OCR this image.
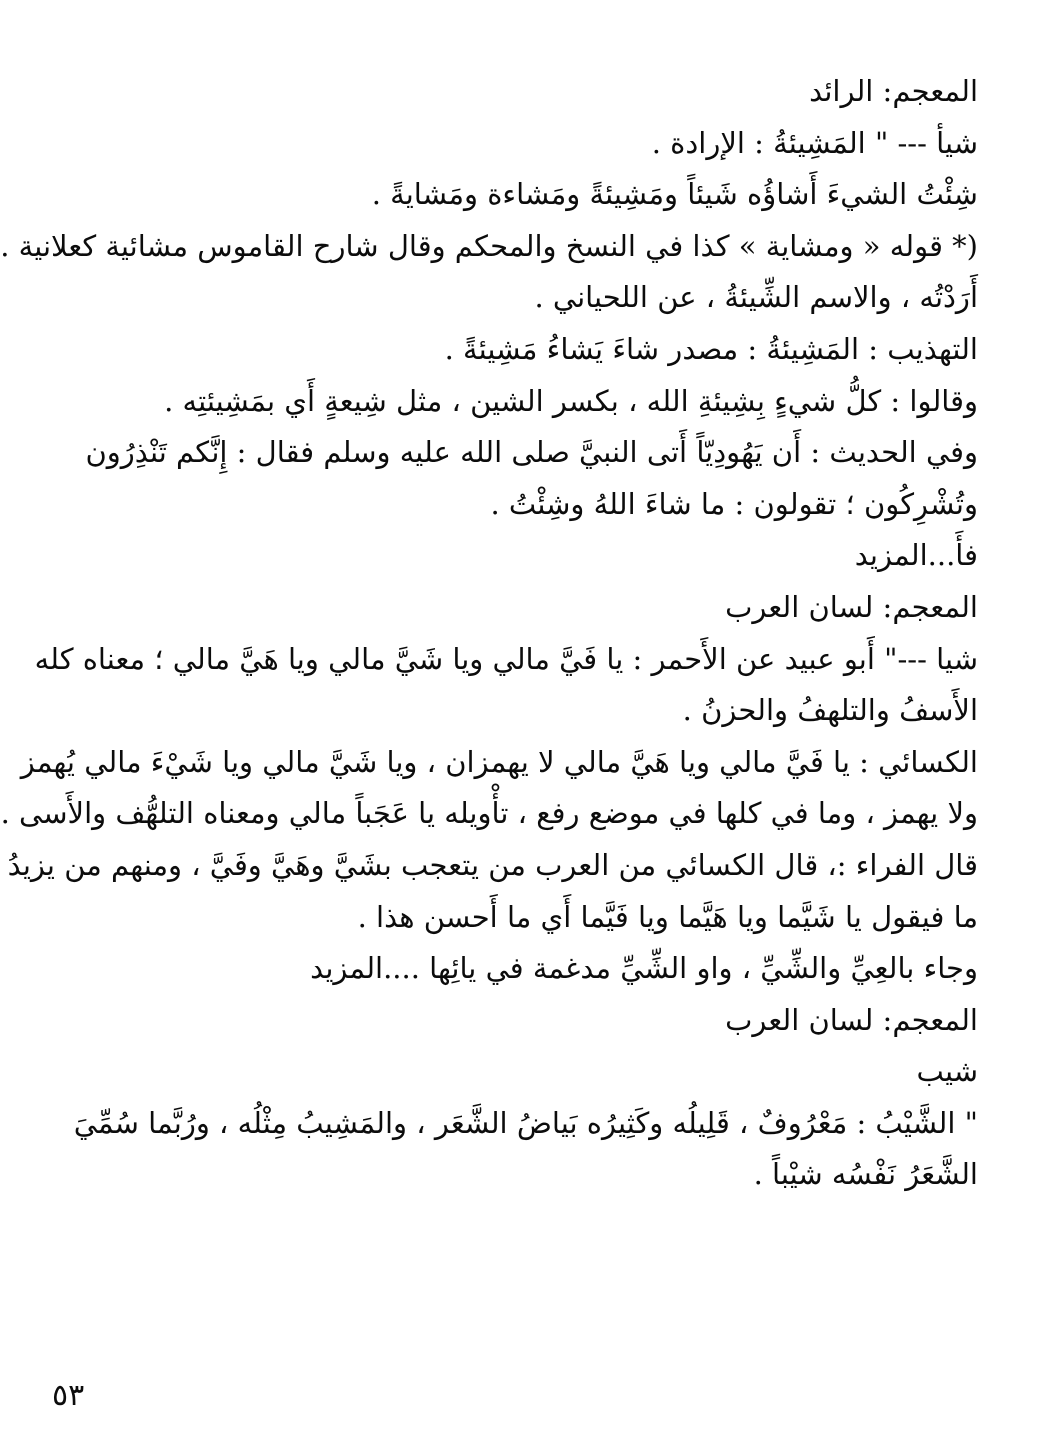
المعجم: الرائد
شيأ --- " المَشِيئةُ : الإرادة .
شِئْتُ الشيءَ أَشاؤُه شَيئاً ومَشِيئةً ومَشاءة ومَشايةً .
(* قوله « ومشاية » كذا في النسخ والمحكم وقال شارح القاموس مشائية كعلانية .
أَرَدْتُه ، والاسم الشِّيئةُ ، عن اللحياني .
التهذيب : المَشِيئةُ : مصدر شاءَ يَشاءُ مَشِيئةً .
وقالوا : كلُّ شيءٍ بِشِيئةِ الله ، بكسر الشين ، مثل شِيعةٍ أَي بمَشِيئتِه .
وفي الحديث : أَن يَهُودِيّاً أَتى النبيَّ صلى الله عليه وسلم فقال : إِنَّكم تَنْذِرُون
وتُشْرِكُون ؛ تقولون : ما شاءَ اللهُ وشِئْتُ .
فأَ...المزيد
المعجم: لسان العرب
شيا ---" أَبو عبيد عن الأَحمر : يا فَيَّ مالي ويا شَيَّ مالي ويا هَيَّ مالي ؛ معناه كله
الأَسفُ والتلهفُ والحزنُ .
الكسائي : يا فَيَّ مالي ويا هَيَّ مالي لا يهمزان ، ويا شَيَّ مالي ويا شَيْءَ مالي يُهمز
ولا يهمز ، وما في كلها في موضع رفع ، تأْويله يا عَجَباً مالي ومعناه التلهُّف والأَسى .
قال الفراء :، قال الكسائي من العرب من يتعجب بشَيَّ وهَيَّ وفَيَّ ، ومنهم من يزيدُ
ما فيقول يا شَيَّما ويا هَيَّما ويا فَيَّما أَي ما أَحسن هذا .
وجاء بالعِيِّ والشِّيِّ ، واو الشِّيِّ مدغمة في يائِها ....المزيد
المعجم: لسان العرب
شيب
" الشَّيْبُ : مَعْرُوفٌ ، قَلِيلُه وكَثِيرُه بَياضُ الشَّعَر ، والمَشِيبُ مِثْلُه ، ورُبَّما سُمِّيَ
الشَّعَرُ نَفْسُه شيْباً .
٥٣
